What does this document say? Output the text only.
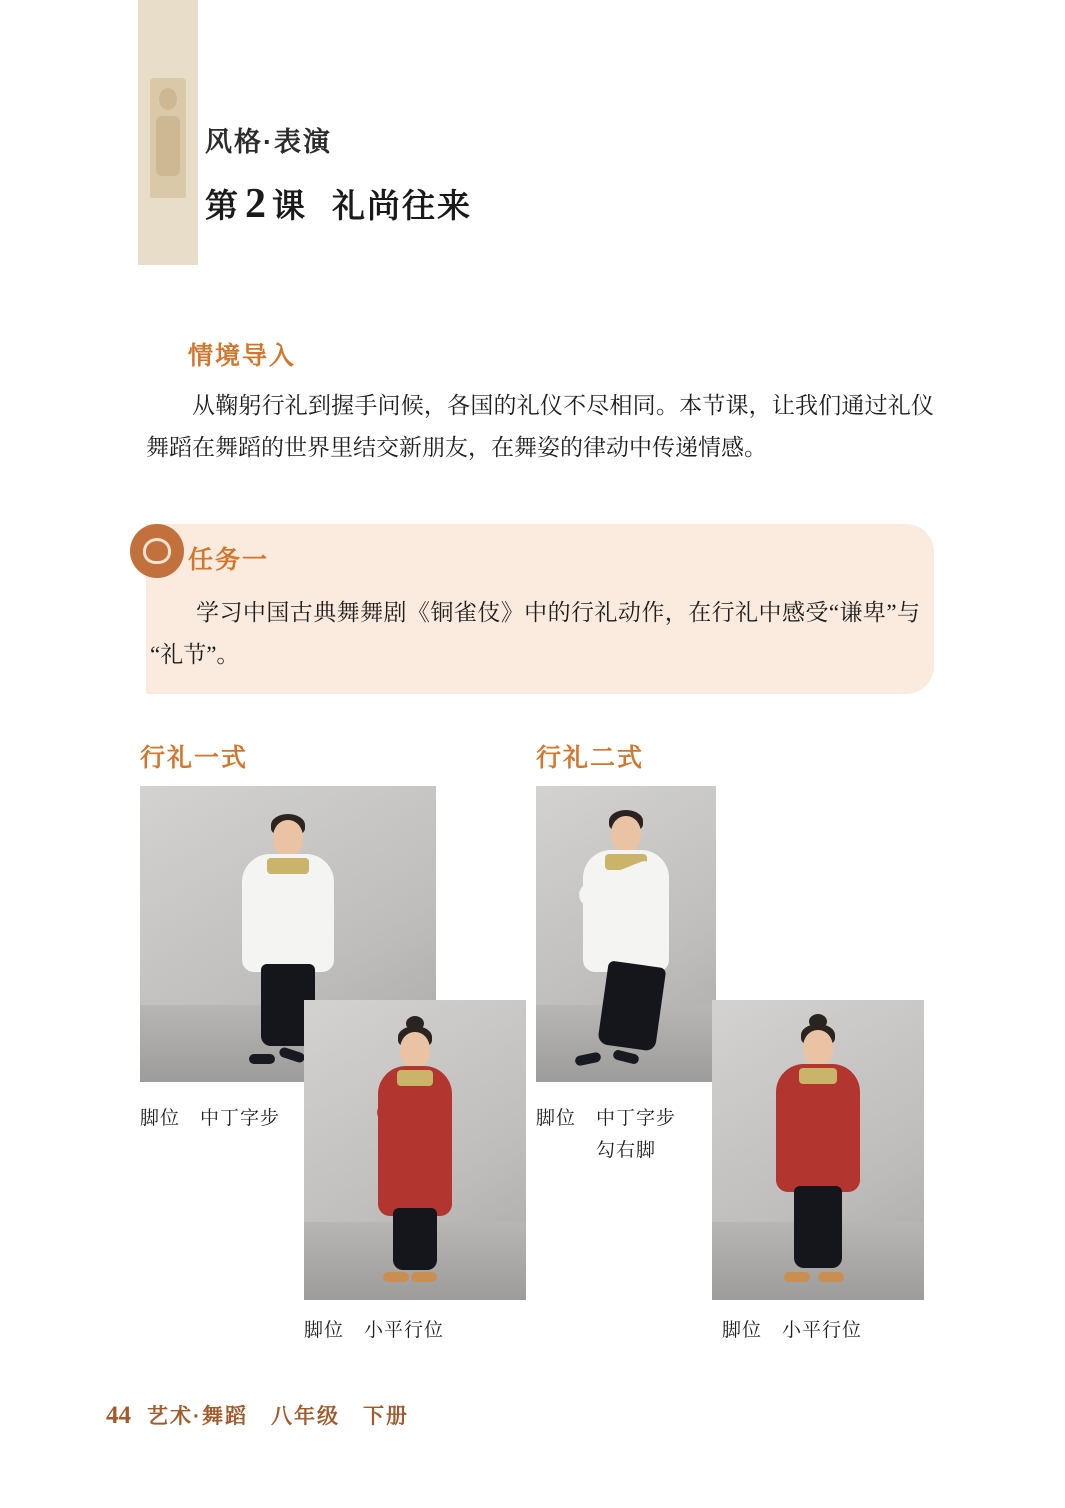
风格·表演
第 2 课 礼尚往来
情境导入
从鞠躬行礼到握手问候，各国的礼仪不尽相同。本节课，让我们通过礼仪舞蹈在舞蹈的世界里结交新朋友，在舞姿的律动中传递情感。
任务一
学习中国古典舞舞剧《铜雀伎》中的行礼动作，在行礼中感受“谦卑”与“礼节”。
行礼一式	行礼二式
脚位　中丁字步
脚位　小平行位
脚位　中丁字步
勾右脚
脚位　小平行位
44 艺术·舞蹈　八年级　下册
